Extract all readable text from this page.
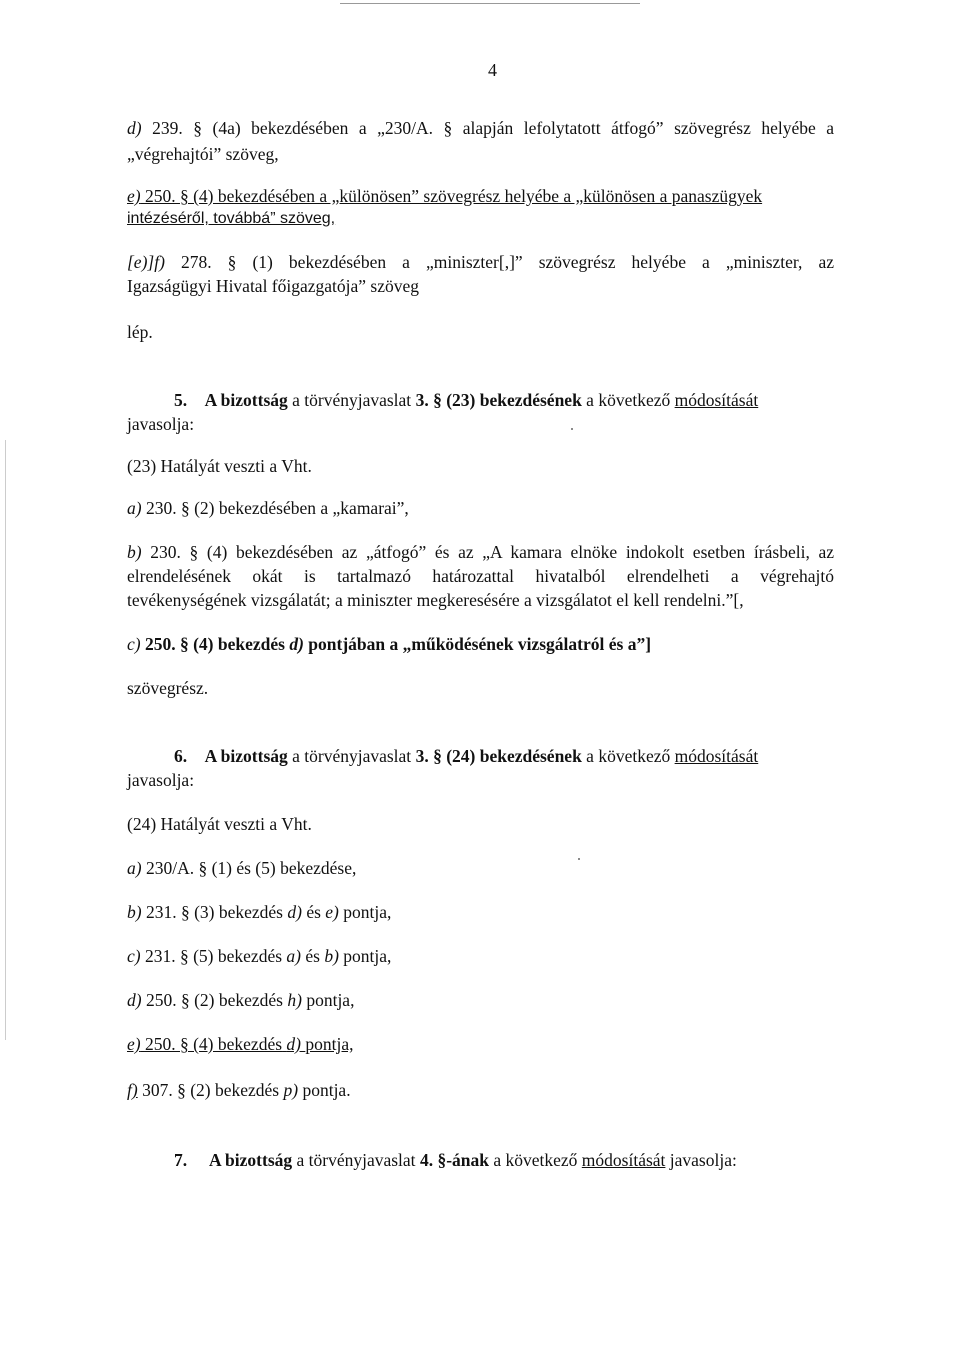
4
d) 239. § (4a) bekezdésében a „230/A. § alapján lefolytatott átfogó” szövegrész helyébe a
„végrehajtói” szöveg,
e) 250. § (4) bekezdésében a „különösen” szövegrész helyébe a „különösen a panaszügyek
intézéséről, továbbá” szöveg,
[e)]f) 278. § (1) bekezdésében a „miniszter[,]” szövegrész helyébe a „miniszter, az
Igazságügyi Hivatal főigazgatója” szöveg
lép.
5. A bizottság a törvényjavaslat 3. § (23) bekezdésének a következő módosítását
javasolja:
(23) Hatályát veszti a Vht.
a) 230. § (2) bekezdésében a „kamarai”,
b) 230. § (4) bekezdésében az „átfogó” és az „A kamara elnöke indokolt esetben írásbeli, az
elrendelésének okát is tartalmazó határozattal hivatalból elrendelheti a végrehajtó
tevékenységének vizsgálatát; a miniszter megkeresésére a vizsgálatot el kell rendelni.”[,
c) 250. § (4) bekezdés d) pontjában a „működésének vizsgálatról és a”]
szövegrész.
6. A bizottság a törvényjavaslat 3. § (24) bekezdésének a következő módosítását
javasolja:
(24) Hatályát veszti a Vht.
a) 230/A. § (1) és (5) bekezdése,
b) 231. § (3) bekezdés d) és e) pontja,
c) 231. § (5) bekezdés a) és b) pontja,
d) 250. § (2) bekezdés h) pontja,
e) 250. § (4) bekezdés d) pontja,
f) 307. § (2) bekezdés p) pontja.
7. A bizottság a törvényjavaslat 4. §-ának a következő módosítását javasolja:
